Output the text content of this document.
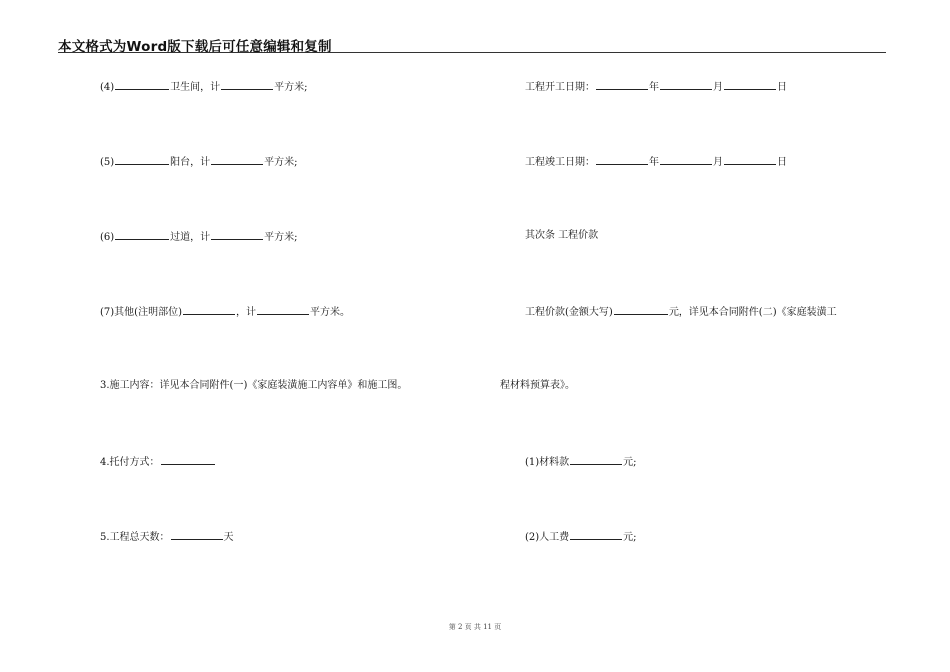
本文格式为Word版下载后可任意编辑和复制
(4)	卫生间，计	平方米;
(5)	阳台，计	平方米;
(6)	过道，计	平方米;
(7)其他(注明部位)	，计	平方米。
3.施工内容：详见本合同附件(一)《家庭装潢施工内容单》和施工图。
4.托付方式：
5.工程总天数：	天
工程开工日期：	年	月	日
工程竣工日期：	年	月	日
其次条 工程价款
工程价款(金额大写)	元，详见本合同附件(二)《家庭装潢工
程材料预算表》。
(1)材料款	元;
(2)人工费	元;
第 2 页 共 11 页
